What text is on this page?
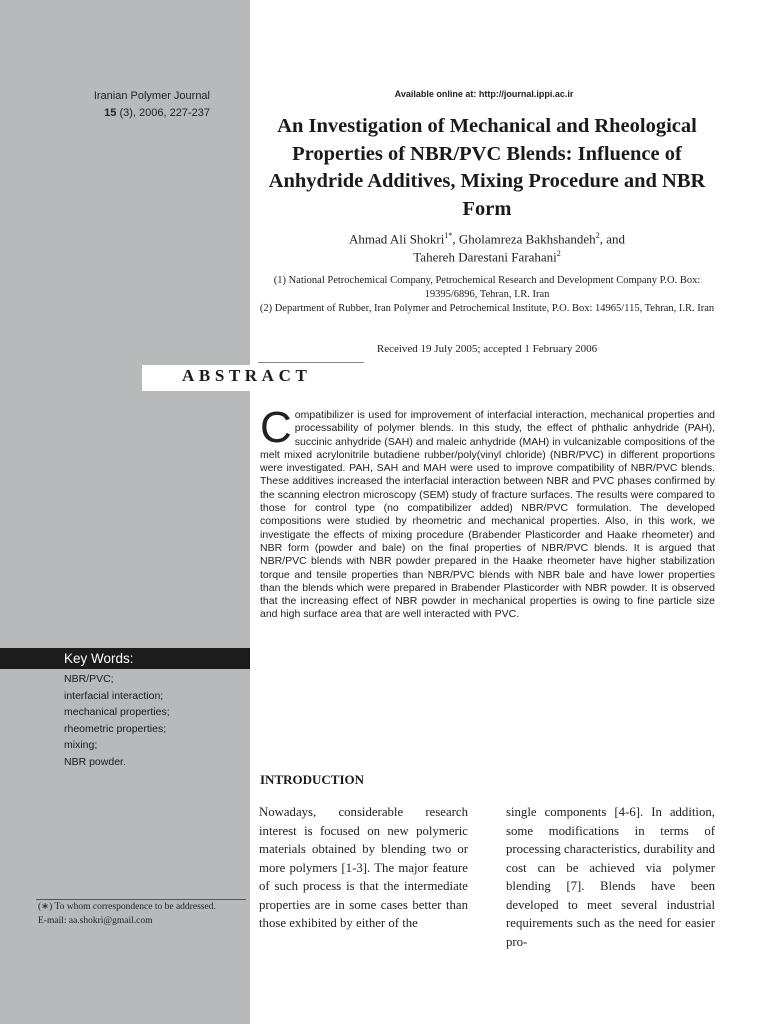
Iranian Polymer Journal
15 (3), 2006, 227-237
Available online at: http://journal.ippi.ac.ir
An Investigation of Mechanical and Rheological Properties of NBR/PVC Blends: Influence of Anhydride Additives, Mixing Procedure and NBR Form
Ahmad Ali Shokri$^{1*}$, Gholamreza Bakhshandeh$^2$, and
Tahereh Darestani Farahani$^2$

(1) National Petrochemical Company, Petrochemical Research and Development Company P.O. Box: 19395/6896, Tehran, I.R. Iran

(2) Department of Rubber, Iran Polymer and Petrochemical Institute, P.O. Box: 14965/115, Tehran, I.R. Iran

Received 19 July 2005; accepted 1 February 2006
ABSTRACT
Compatibilizer is used for improvement of interfacial interaction, mechanical properties and processability of polymer blends. In this study, the effect of phthalic anhydride (PAH), succinic anhydride (SAH) and maleic anhydride (MAH) in vulcanizable compositions of the melt mixed acrylonitrile butadiene rubber/poly(vinyl chloride) (NBR/PVC) in different proportions were investigated. PAH, SAH and MAH were used to improve compatibility of NBR/PVC blends. These additives increased the interfacial interaction between NBR and PVC phases confirmed by the scanning electron microscopy (SEM) study of fracture surfaces. The results were compared to those for control type (no compatibilizer added) NBR/PVC formulation. The developed compositions were studied by rheometric and mechanical properties. Also, in this work, we investigate the effects of mixing procedure (Brabender Plasticorder and Haake rheometer) and NBR form (powder and bale) on the final properties of NBR/PVC blends. It is argued that NBR/PVC blends with NBR powder prepared in the Haake rheometer have higher stabilization torque and tensile properties than NBR/PVC blends with NBR bale and have lower properties than the blends which were prepared in Brabender Plasticorder with NBR powder. It is observed that the increasing effect of NBR powder in mechanical properties is owing to fine particle size and high surface area that are well interacted with PVC.
Key Words:
NBR/PVC;
interfacial interaction;
mechanical properties;
rheometric properties;
mixing;
NBR powder.
INTRODUCTION
Nowadays, considerable research interest is focused on new polymeric materials obtained by blending two or more polymers [1-3]. The major feature of such process is that the intermediate properties are in some cases better than those exhibited by either of the
single components [4-6]. In addition, some modifications in terms of processing characteristics, durability and cost can be achieved via polymer blending [7]. Blends have been developed to meet several industrial requirements such as the need for easier pro-

(∗) To whom correspondence to be addressed.

E-mail: aa.shokri@gmail.com
